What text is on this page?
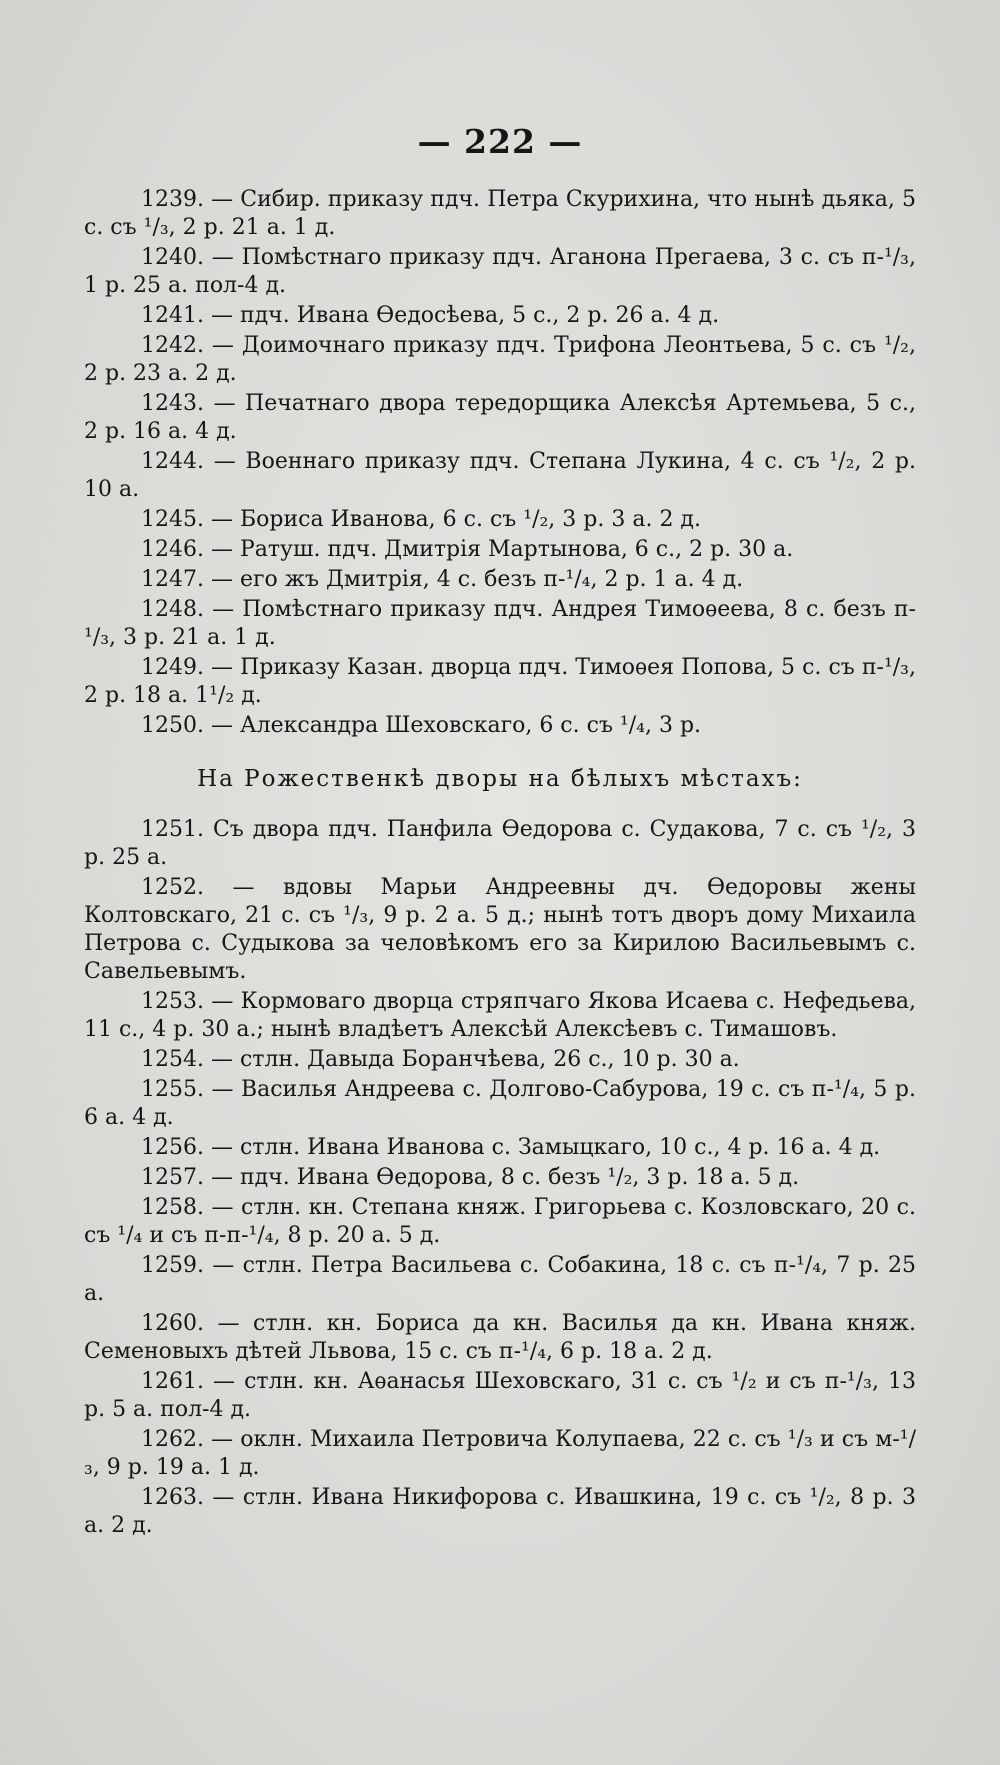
— 222 —

1239. — Сибир. приказу пдч. Петра Скурихина, что нынѣ дьяка, 5 с. съ ¹/₃, 2 р. 21 а. 1 д.

1240. — Помѣстнаго приказу пдч. Аганона Прегаева, 3 с. съ п-¹/₃, 1 р. 25 а. пол-4 д.

1241. — пдч. Ивана Ѳедосѣева, 5 с., 2 р. 26 а. 4 д.

1242. — Доимочнаго приказу пдч. Трифона Леонтьева, 5 с. съ ¹/₂, 2 р. 23 а. 2 д.

1243. — Печатнаго двора тередорщика Алексѣя Артемьева, 5 с., 2 р. 16 а. 4 д.

1244. — Военнаго приказу пдч. Степана Лукина, 4 с. съ ¹/₂, 2 р. 10 а.

1245. — Бориса Иванова, 6 с. съ ¹/₂, 3 р. 3 а. 2 д.

1246. — Ратуш. пдч. Дмитрія Мартынова, 6 с., 2 р. 30 а.

1247. — его жъ Дмитрія, 4 с. безъ п-¹/₄, 2 р. 1 а. 4 д.

1248. — Помѣстнаго приказу пдч. Андрея Тимоѳеева, 8 с. безъ п-¹/₃, 3 р. 21 а. 1 д.

1249. — Приказу Казан. дворца пдч. Тимоѳея Попова, 5 с. съ п-¹/₃, 2 р. 18 а. 1¹/₂ д.

1250. — Александра Шеховскаго, 6 с. съ ¹/₄, 3 р.

На Рожественкѣ дворы на бѣлыхъ мѣстахъ:

1251. Съ двора пдч. Панфила Ѳедорова с. Судакова, 7 с. съ ¹/₂, 3 р. 25 а.

1252. — вдовы Марьи Андреевны дч. Ѳедоровы жены Колтовскаго, 21 с. съ ¹/₃, 9 р. 2 а. 5 д.; нынѣ тотъ дворъ дому Михаила Петрова с. Судыкова за человѣкомъ его за Кирилою Васильевымъ с. Савельевымъ.

1253. — Кормоваго дворца стряпчаго Якова Исаева с. Нефедьева, 11 с., 4 р. 30 а.; нынѣ владѣетъ Алексѣй Алексѣевъ с. Тимашовъ.

1254. — стлн. Давыда Боранчѣева, 26 с., 10 р. 30 а.

1255. — Василья Андреева с. Долгово-Сабурова, 19 с. съ п-¹/₄, 5 р. 6 а. 4 д.

1256. — стлн. Ивана Иванова с. Замыцкаго, 10 с., 4 р. 16 а. 4 д.

1257. — пдч. Ивана Ѳедорова, 8 с. безъ ¹/₂, 3 р. 18 а. 5 д.

1258. — стлн. кн. Степана княж. Григорьева с. Козловскаго, 20 с. съ ¹/₄ и съ п-п-¹/₄, 8 р. 20 а. 5 д.

1259. — стлн. Петра Васильева с. Собакина, 18 с. съ п-¹/₄, 7 р. 25 а.

1260. — стлн. кн. Бориса да кн. Василья да кн. Ивана княж. Семеновыхъ дѣтей Львова, 15 с. съ п-¹/₄, 6 р. 18 а. 2 д.

1261. — стлн. кн. Аѳанасья Шеховскаго, 31 с. съ ¹/₂ и съ п-¹/₃, 13 р. 5 а. пол-4 д.

1262. — оклн. Михаила Петровича Колупаева, 22 с. съ ¹/₃ и съ м-¹/₃, 9 р. 19 а. 1 д.

1263. — стлн. Ивана Никифорова с. Ивашкина, 19 с. съ ¹/₂, 8 р. 3 а. 2 д.
